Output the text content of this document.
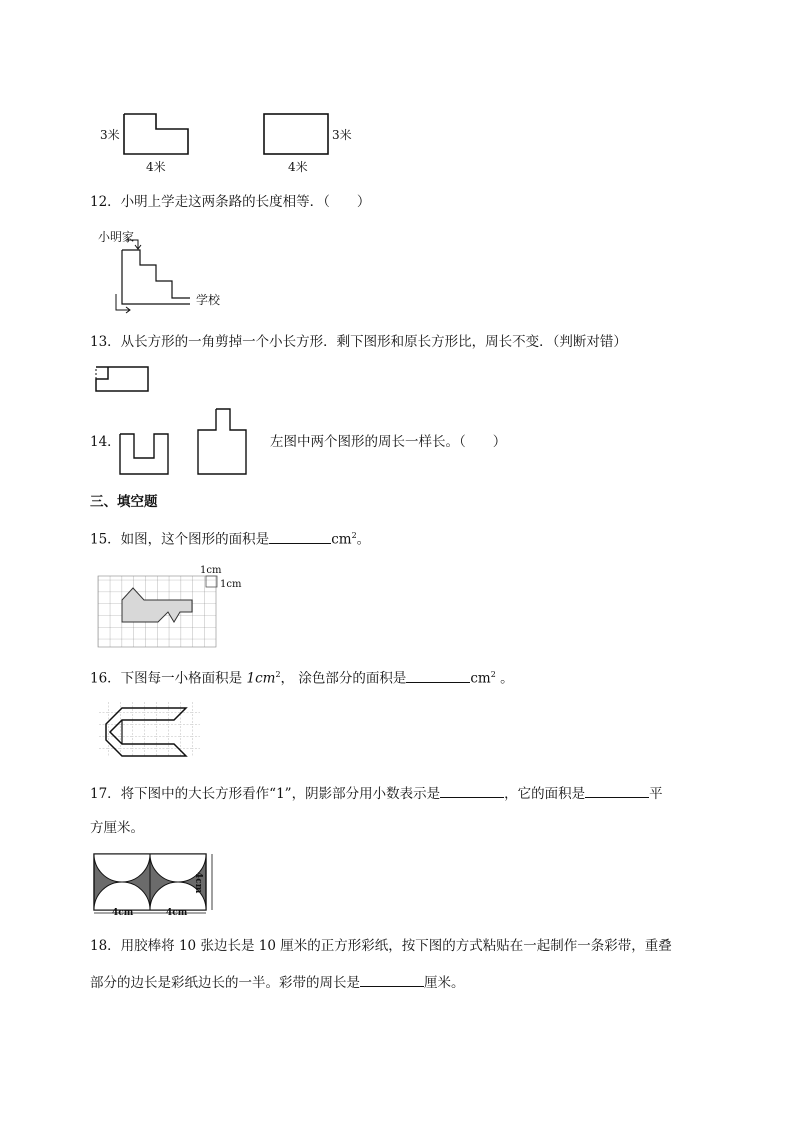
3米
4米
3米
4米
12．小明上学走这两条路的长度相等．（　　）
小明家
学校
13．从长方形的一角剪掉一个小长方形．剩下图形和原长方形比，周长不变．（判断对错）
14．	左图中两个图形的周长一样长。（　　）
三、填空题
15．如图，这个图形的面积是	$cm^2$。
1cm
1cm
16．下图每一小格面积是 $1cm^2$， 涂色部分的面积是	$cm^2$ 。
17．将下图中的大长方形看作“1”，阴影部分用小数表示是	，它的面积是	平
方厘米。
4cm	4cm
4cm
18．用胶棒将 10 张边长是 10 厘米的正方形彩纸，按下图的方式粘贴在一起制作一条彩带，重叠
部分的边长是彩纸边长的一半。彩带的周长是	厘米。
